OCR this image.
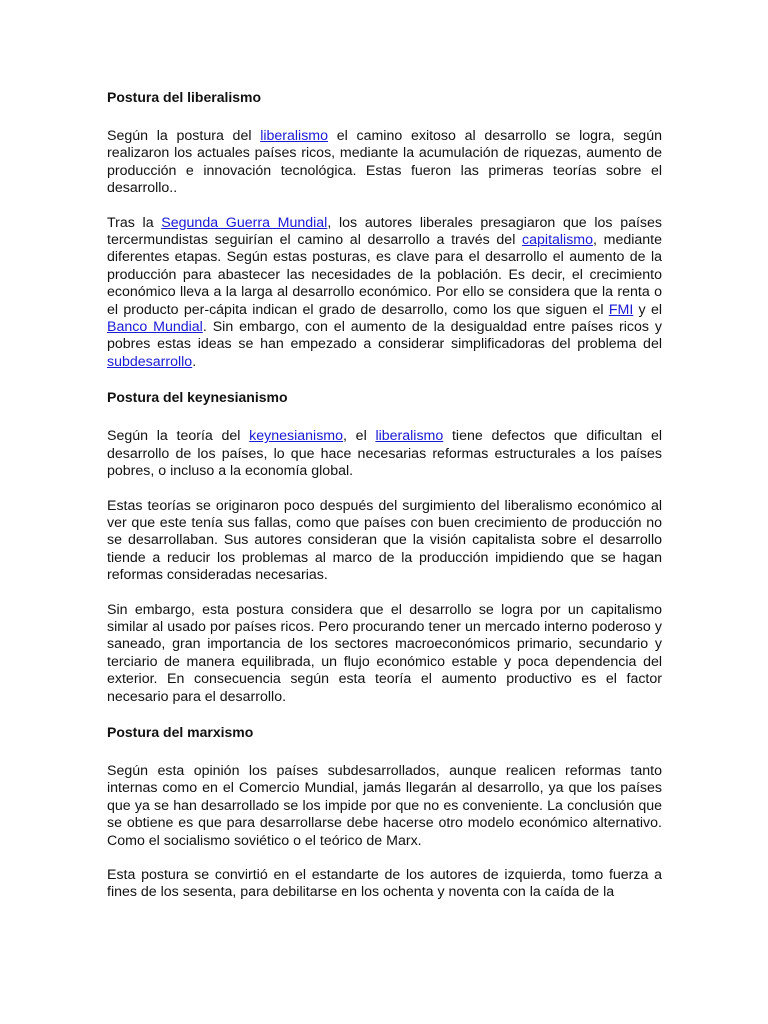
Postura del liberalismo

Según la postura del liberalismo el camino exitoso al desarrollo se logra, según realizaron los actuales países ricos, mediante la acumulación de riquezas, aumento de producción e innovación tecnológica. Estas fueron las primeras teorías sobre el desarrollo..

Tras la Segunda Guerra Mundial, los autores liberales presagiaron que los países tercermundistas seguirían el camino al desarrollo a través del capitalismo, mediante diferentes etapas. Según estas posturas, es clave para el desarrollo el aumento de la producción para abastecer las necesidades de la población. Es decir, el crecimiento económico lleva a la larga al desarrollo económico. Por ello se considera que la renta o el producto per-cápita indican el grado de desarrollo, como los que siguen el FMI y el Banco Mundial. Sin embargo, con el aumento de la desigualdad entre países ricos y pobres estas ideas se han empezado a considerar simplificadoras del problema del subdesarrollo.

Postura del keynesianismo

Según la teoría del keynesianismo, el liberalismo tiene defectos que dificultan el desarrollo de los países, lo que hace necesarias reformas estructurales a los países pobres, o incluso a la economía global.

Estas teorías se originaron poco después del surgimiento del liberalismo económico al ver que este tenía sus fallas, como que países con buen crecimiento de producción no se desarrollaban. Sus autores consideran que la visión capitalista sobre el desarrollo tiende a reducir los problemas al marco de la producción impidiendo que se hagan reformas consideradas necesarias.

Sin embargo, esta postura considera que el desarrollo se logra por un capitalismo similar al usado por países ricos. Pero procurando tener un mercado interno poderoso y saneado, gran importancia de los sectores macroeconómicos primario, secundario y terciario de manera equilibrada, un flujo económico estable y poca dependencia del exterior. En consecuencia según esta teoría el aumento productivo es el factor necesario para el desarrollo.

Postura del marxismo

Según esta opinión los países subdesarrollados, aunque realicen reformas tanto internas como en el Comercio Mundial, jamás llegarán al desarrollo, ya que los países que ya se han desarrollado se los impide por que no es conveniente. La conclusión que se obtiene es que para desarrollarse debe hacerse otro modelo económico alternativo. Como el socialismo soviético o el teórico de Marx.

Esta postura se convirtió en el estandarte de los autores de izquierda, tomo fuerza a fines de los sesenta, para debilitarse en los ochenta y noventa con la caída de la
